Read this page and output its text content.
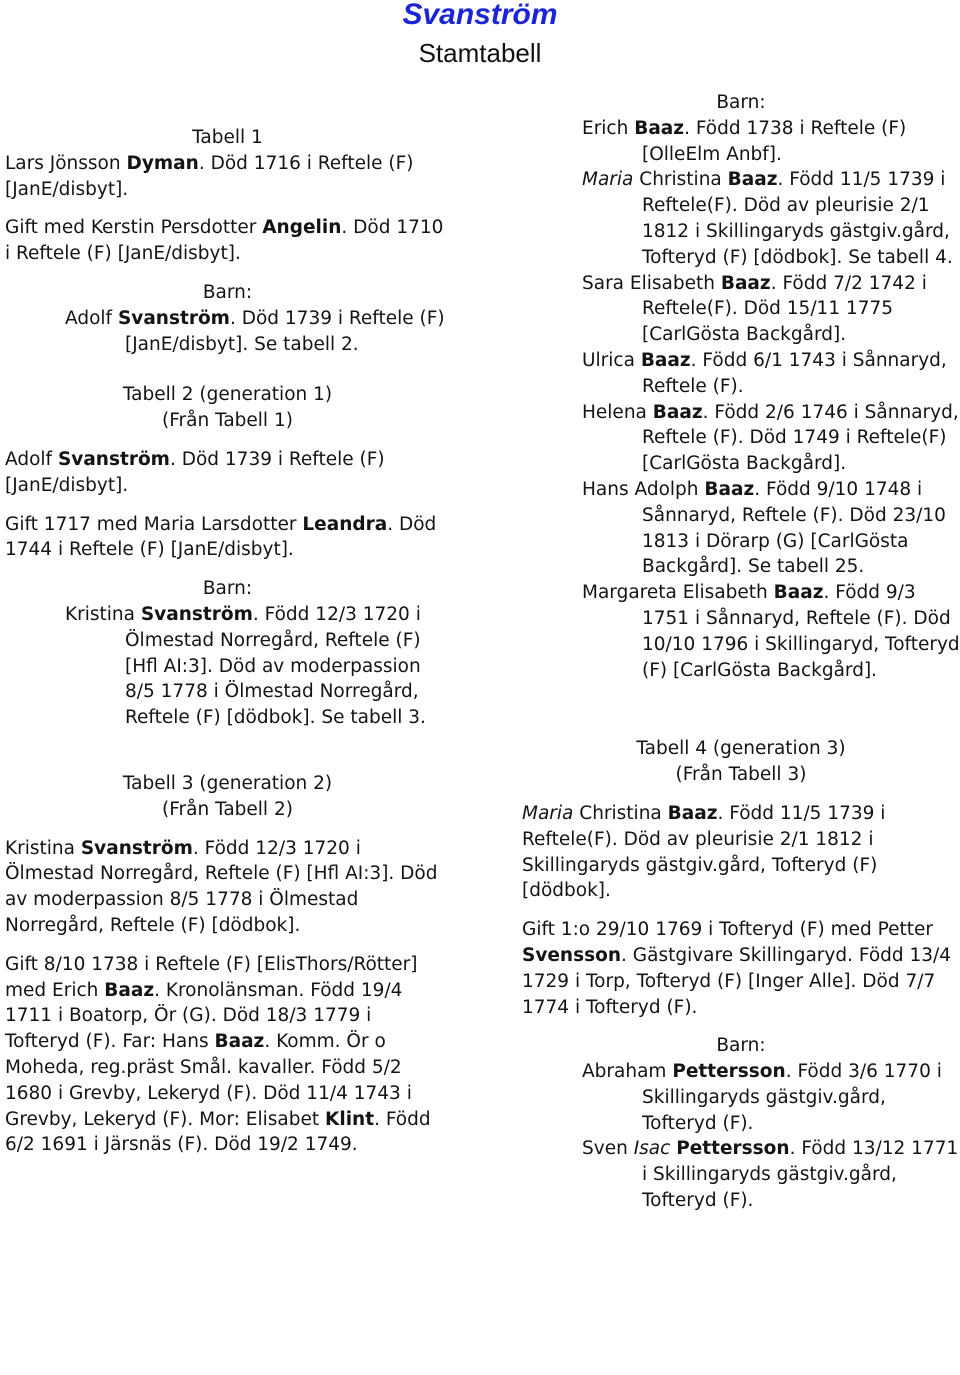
Svanström
Stamtabell

Tabell 1

Lars Jönsson Dyman. Död 1716 i Reftele (F) [JanE/disbyt].

Gift med Kerstin Persdotter Angelin. Död 1710 i Reftele (F) [JanE/disbyt].

Barn:

Adolf Svanström. Död 1739 i Reftele (F) [JanE/disbyt]. Se tabell 2.

Tabell 2 (generation 1)

(Från Tabell 1)

Adolf Svanström. Död 1739 i Reftele (F) [JanE/disbyt].

Gift 1717 med Maria Larsdotter Leandra. Död 1744 i Reftele (F) [JanE/disbyt].

Barn:

Kristina Svanström. Född 12/3 1720 i Ölmestad Norregård, Reftele (F) [Hfl AI:3]. Död av moderpassion 8/5 1778 i Ölmestad Norregård, Reftele (F) [dödbok]. Se tabell 3.

Tabell 3 (generation 2)

(Från Tabell 2)

Kristina Svanström. Född 12/3 1720 i Ölmestad Norregård, Reftele (F) [Hfl AI:3]. Död av moderpassion 8/5 1778 i Ölmestad Norregård, Reftele (F) [dödbok].

Gift 8/10 1738 i Reftele (F) [ElisThors/Rötter] med Erich Baaz. Kronolänsman. Född 19/4 1711 i Boatorp, Ör (G). Död 18/3 1779 i Tofteryd (F). Far: Hans Baaz. Komm. Ör o Moheda, reg.präst Smål. kavaller. Född 5/2 1680 i Grevby, Lekeryd (F). Död 11/4 1743 i Grevby, Lekeryd (F). Mor: Elisabet Klint. Född 6/2 1691 i Järsnäs (F). Död 19/2 1749.

Barn:

Erich Baaz. Född 1738 i Reftele (F) [OlleElm Anbf].

Maria Christina Baaz. Född 11/5 1739 i Reftele(F). Död av pleurisie 2/1 1812 i Skillingaryds gästgiv.gård, Tofteryd (F) [dödbok]. Se tabell 4.

Sara Elisabeth Baaz. Född 7/2 1742 i Reftele(F). Död 15/11 1775 [CarlGösta Backgård].

Ulrica Baaz. Född 6/1 1743 i Sånnaryd, Reftele (F).

Helena Baaz. Född 2/6 1746 i Sånnaryd, Reftele (F). Död 1749 i Reftele(F) [CarlGösta Backgård].

Hans Adolph Baaz. Född 9/10 1748 i Sånnaryd, Reftele (F). Död 23/10 1813 i Dörarp (G) [CarlGösta Backgård]. Se tabell 25.

Margareta Elisabeth Baaz. Född 9/3 1751 i Sånnaryd, Reftele (F). Död 10/10 1796 i Skillingaryd, Tofteryd (F) [CarlGösta Backgård].

Tabell 4 (generation 3)

(Från Tabell 3)

Maria Christina Baaz. Född 11/5 1739 i Reftele(F). Död av pleurisie 2/1 1812 i Skillingaryds gästgiv.gård, Tofteryd (F) [dödbok].

Gift 1:o 29/10 1769 i Tofteryd (F) med Petter Svensson. Gästgivare Skillingaryd. Född 13/4 1729 i Torp, Tofteryd (F) [Inger Alle]. Död 7/7 1774 i Tofteryd (F).

Barn:

Abraham Pettersson. Född 3/6 1770 i Skillingaryds gästgiv.gård, Tofteryd (F).

Sven Isac Pettersson. Född 13/12 1771 i Skillingaryds gästgiv.gård, Tofteryd (F).
